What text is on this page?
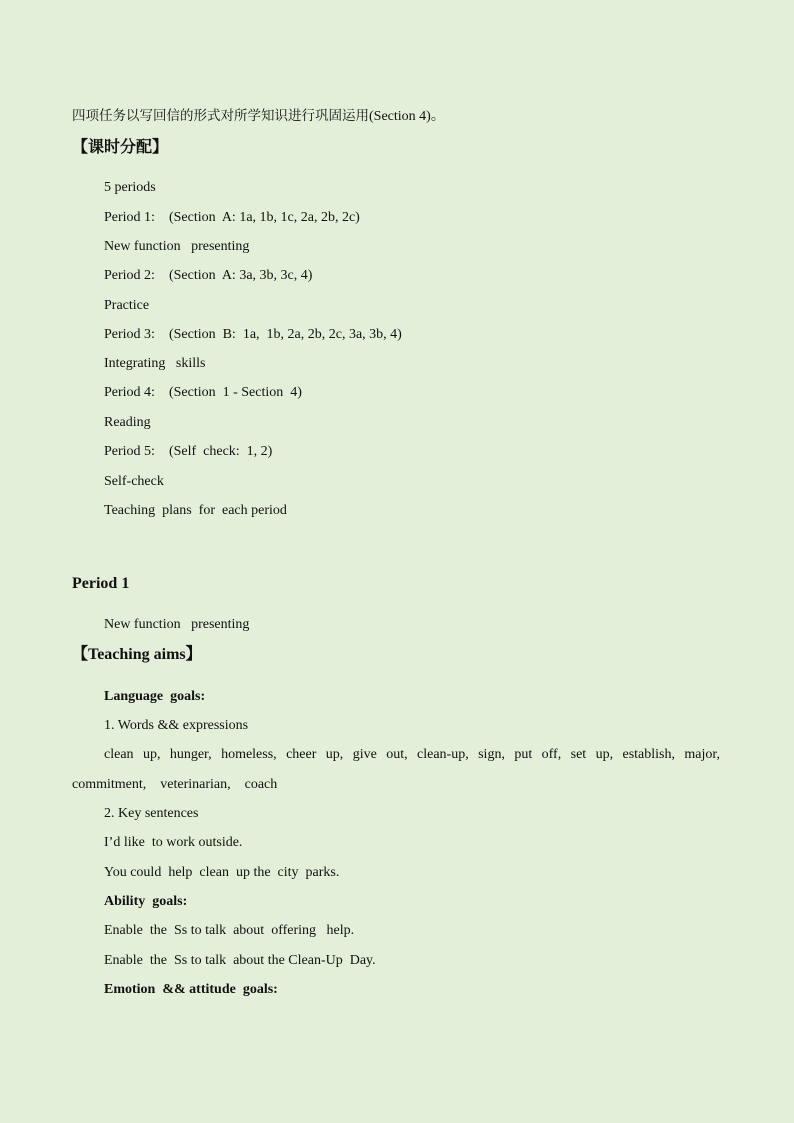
四项任务以写回信的形式对所学知识进行巩固运用(Section 4)。
【课时分配】
5 periods
Period 1:    (Section  A: 1a, 1b, 1c, 2a, 2b, 2c)
New function   presenting
Period 2:    (Section  A: 3a, 3b, 3c, 4)
Practice
Period 3:    (Section  B:  1a,  1b, 2a, 2b, 2c, 3a, 3b, 4)
Integrating   skills
Period 4:    (Section  1 - Section  4)
Reading
Period 5:    (Self  check:  1, 2)
Self-check
Teaching  plans  for  each period
Period 1
New function   presenting
【Teaching aims】
Language  goals:
1. Words && expressions
clean up, hunger, homeless, cheer up, give out, clean-up, sign, put off, set up, establish, major,
commitment,    veterinarian,    coach
2. Key sentences
I’d like  to work outside.
You could  help  clean  up the  city  parks.
Ability  goals:
Enable  the  Ss to talk  about  offering   help.
Enable  the  Ss to talk  about the Clean-Up  Day.
Emotion  && attitude  goals:
